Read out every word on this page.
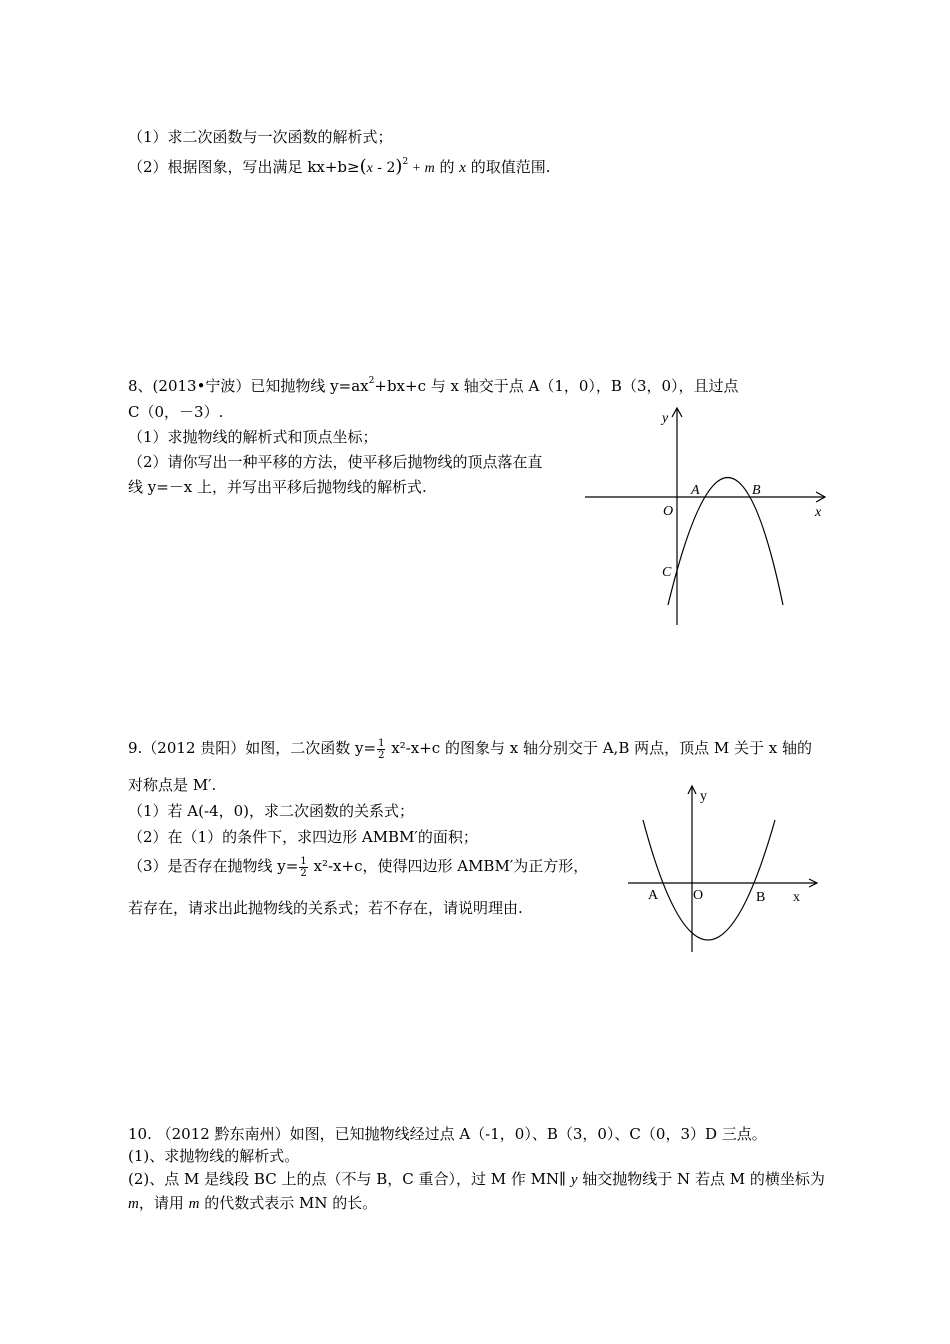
（1）求二次函数与一次函数的解析式；
（2）根据图象，写出满足 kx+b≥(x - 2)$^2$ + m 的 x 的取值范围.
8、(2013•宁波）已知抛物线 $y=ax^2+bx+c$ 与 x 轴交于点 A（1，0），B（3，0），且过点
C（0，－3）.
（1）求抛物线的解析式和顶点坐标；
（2）请你写出一种平移的方法，使平移后抛物线的顶点落在直
线 y=－x 上，并写出平移后抛物线的解析式.
y
x
O
A	B
C
9.（2012 贵阳）如图，二次函数 $y= \frac{1}{2} x^2-x+c$ 的图象与 x 轴分别交于 A,B 两点，顶点 M 关于 x 轴的
对称点是 M′.
（1）若 A(-4，0)，求二次函数的关系式；
（2）在（1）的条件下，求四边形 AMBM′的面积；
（3）是否存在抛物线 $y= \frac{1}{2} x^2-x+c$，使得四边形 AMBM′为正方形，
若存在，请求出此抛物线的关系式；若不存在，请说明理由.
y
x
O
A	B
10. （2012 黔东南州）如图，已知抛物线经过点 A（-1，0）、B（3，0）、C（0，3）D 三点。
(1)、求抛物线的解析式。
(2)、点 M 是线段 BC 上的点（不与 B，C 重合），过 M 作 MN∥ y 轴交抛物线于 N 若点 M 的横坐标为
m，请用 m 的代数式表示 MN 的长。
